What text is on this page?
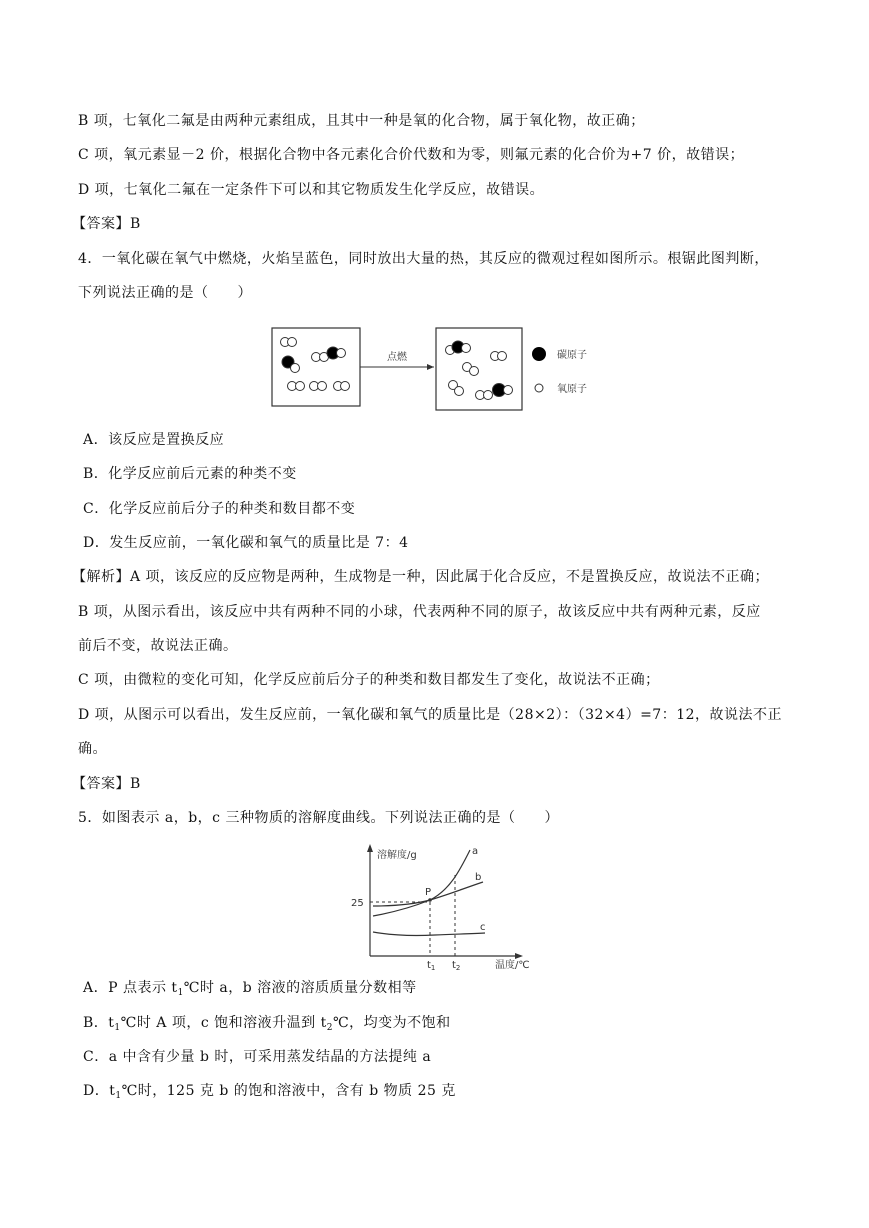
B 项，七氧化二氟是由两种元素组成，且其中一种是氧的化合物，属于氧化物，故正确；
C 项，氧元素显－2 价，根据化合物中各元素化合价代数和为零，则氟元素的化合价为+7 价，故错误；
D 项，七氧化二氟在一定条件下可以和其它物质发生化学反应，故错误。
【答案】B
4．一氧化碳在氧气中燃烧，火焰呈蓝色，同时放出大量的热，其反应的微观过程如图所示。根锯此图判断，
下列说法正确的是（　　）
点燃	碳原子
氧原子
A．该反应是置换反应
B．化学反应前后元素的种类不变
C．化学反应前后分子的种类和数目都不变
D．发生反应前，一氧化碳和氧气的质量比是 7：4
【解析】A 项，该反应的反应物是两种，生成物是一种，因此属于化合反应，不是置换反应，故说法不正确；
B 项，从图示看出，该反应中共有两种不同的小球，代表两种不同的原子，故该反应中共有两种元素，反应
前后不变，故说法正确。
C 项，由微粒的变化可知，化学反应前后分子的种类和数目都发生了变化，故说法不正确；
D 项，从图示可以看出，发生反应前，一氧化碳和氧气的质量比是（28×2）：（32×4）=7：12，故说法不正
确。
【答案】B
5．如图表示 a，b，c 三种物质的溶解度曲线。下列说法正确的是（　　）
溶解度/g
温度/℃
25
a
b
c
P
$t_1$ $t_2$
A．P 点表示 $t_1℃$时 a，b 溶液的溶质质量分数相等
B．$t_1℃$时 A 项，c 饱和溶液升温到 $t_2℃$，均变为不饱和
C．a 中含有少量 b 时，可采用蒸发结晶的方法提纯 a
D．$t_1℃$时，125 克 b 的饱和溶液中，含有 b 物质 25 克
